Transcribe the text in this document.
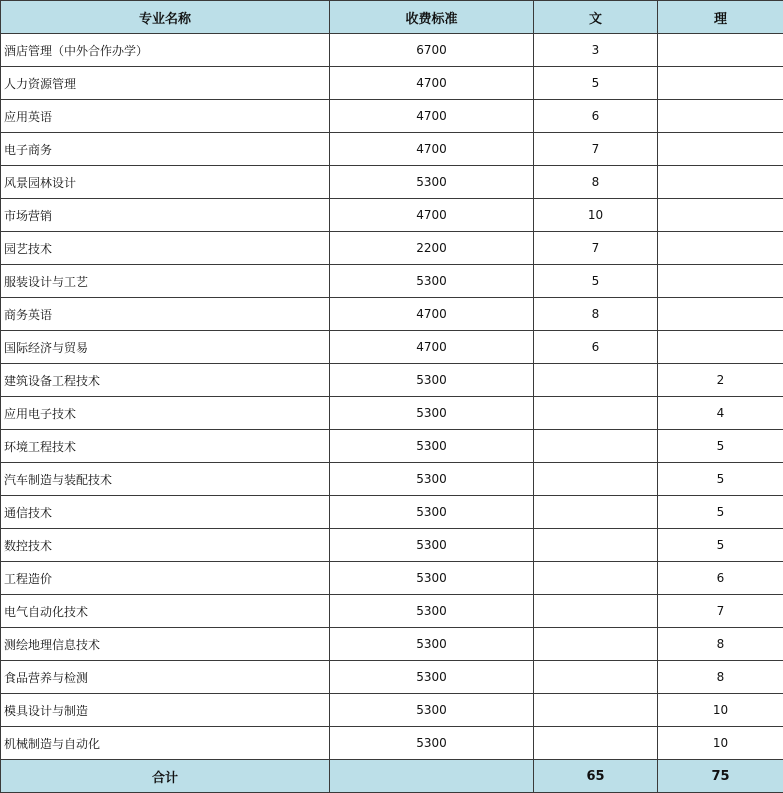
专业名称	收费标准	文	理
酒店管理（中外合作办学）	6700	3	
人力资源管理	4700	5	
应用英语	4700	6	
电子商务	4700	7	
风景园林设计	5300	8	
市场营销	4700	10	
园艺技术	2200	7	
服装设计与工艺	5300	5	
商务英语	4700	8	
国际经济与贸易	4700	6	
建筑设备工程技术	5300		2
应用电子技术	5300		4
环境工程技术	5300		5
汽车制造与装配技术	5300		5
通信技术	5300		5
数控技术	5300		5
工程造价	5300		6
电气自动化技术	5300		7
测绘地理信息技术	5300		8
食品营养与检测	5300		8
模具设计与制造	5300		10
机械制造与自动化	5300		10
合计		65	75
